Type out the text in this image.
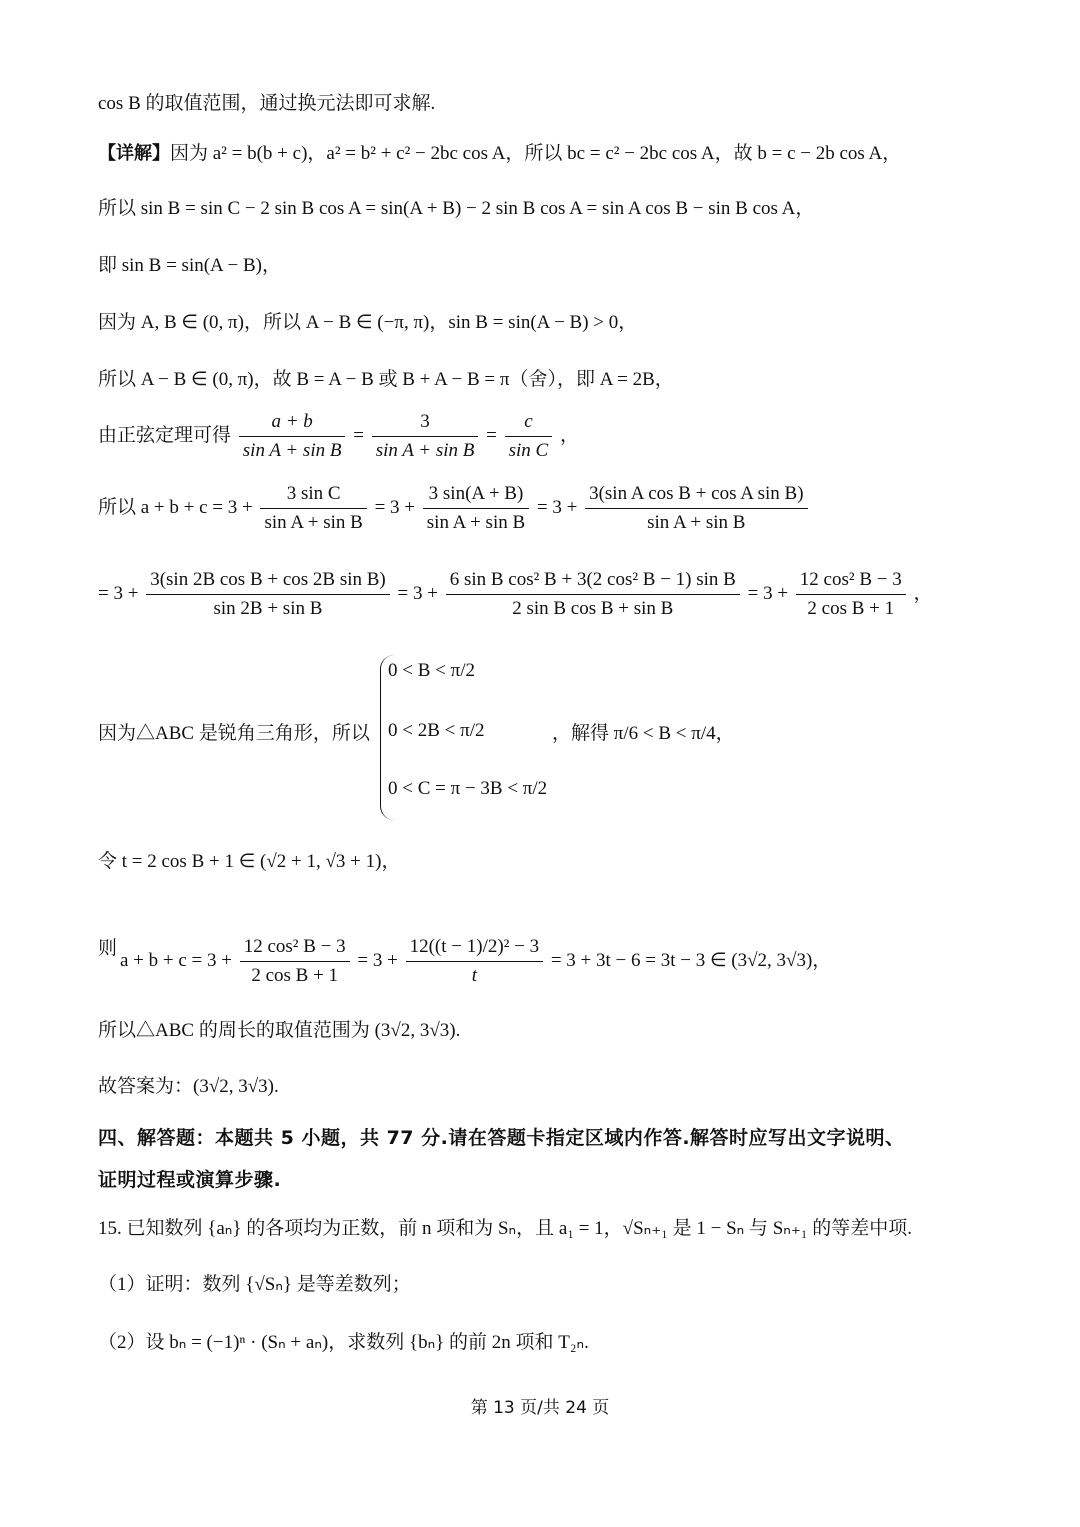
cos B 的取值范围，通过换元法即可求解.
【详解】因为 a² = b(b + c)，a² = b² + c² − 2bc cos A，所以 bc = c² − 2bc cos A，故 b = c − 2b cos A，
所以 sin B = sin C − 2 sin B cos A = sin(A + B) − 2 sin B cos A = sin A cos B − sin B cos A，
即 sin B = sin(A − B)，
因为 A, B ∈ (0, π)，所以 A − B ∈ (−π, π)，sin B = sin(A − B) > 0，
所以 A − B ∈ (0, π)，故 B = A − B 或 B + A − B = π（舍），即 A = 2B，
由正弦定理可得 $\frac{a + b}{\text{sin A + sin B}} = \frac{3}{\text{sin A + sin B}} = \frac{c}{\text{sin C}}$ ，
所以 $a + b + c = 3 + \frac{\text{3 sin C}}{\text{sin A + sin B}} = 3 + \frac{3 \sin(A + B)}{\text{sin A + sin B}} = 3 + \frac{\text{3(sin A cos B + cos A sin B)}}{\text{sin A + sin B}}$
= $3 + \frac{\text{3(sin 2B cos B + cos 2B sin B)}}{\text{sin 2B + sin B}} = 3 + \frac{\text{6 sin B cos² B + 3(2 cos² B − 1) sin B}}{\text{2 sin B cos B + sin B}} = 3 + \frac{\text{12 cos² B − 3}}{\text{2 cos B + 1}}$ ，
因为△ABC 是锐角三角形，所以
0 < B < π/2
0 < 2B < π/2
0 < C = π − 3B < π/2
，解得 π/6 < B < π/4，
令 t = 2 cos B + 1 ∈ (√2 + 1, √3 + 1)，
则
$a + b + c = 3 + \frac{\text{12 cos² B − 3}}{\text{2 cos B + 1}} = 3 + \frac{\text{12((t − 1)/2)² − 3}}{t} = 3 + 3t - 6 = 3t - 3$ ∈ (3√2, 3√3)，
所以△ABC 的周长的取值范围为 (3√2, 3√3).
故答案为：(3√2, 3√3).
四、解答题：本题共 5 小题，共 77 分.请在答题卡指定区域内作答.解答时应写出文字说明、
证明过程或演算步骤.
15. 已知数列 {aₙ} 的各项均为正数，前 n 项和为 Sₙ，且 a₁ = 1，√Sₙ₊₁ 是 1 − Sₙ 与 Sₙ₊₁ 的等差中项.
（1）证明：数列 {√Sₙ} 是等差数列；
（2）设 bₙ = (−1)ⁿ · (Sₙ + aₙ)，求数列 {bₙ} 的前 2n 项和 T₂ₙ.
第 13 页/共 24 页
